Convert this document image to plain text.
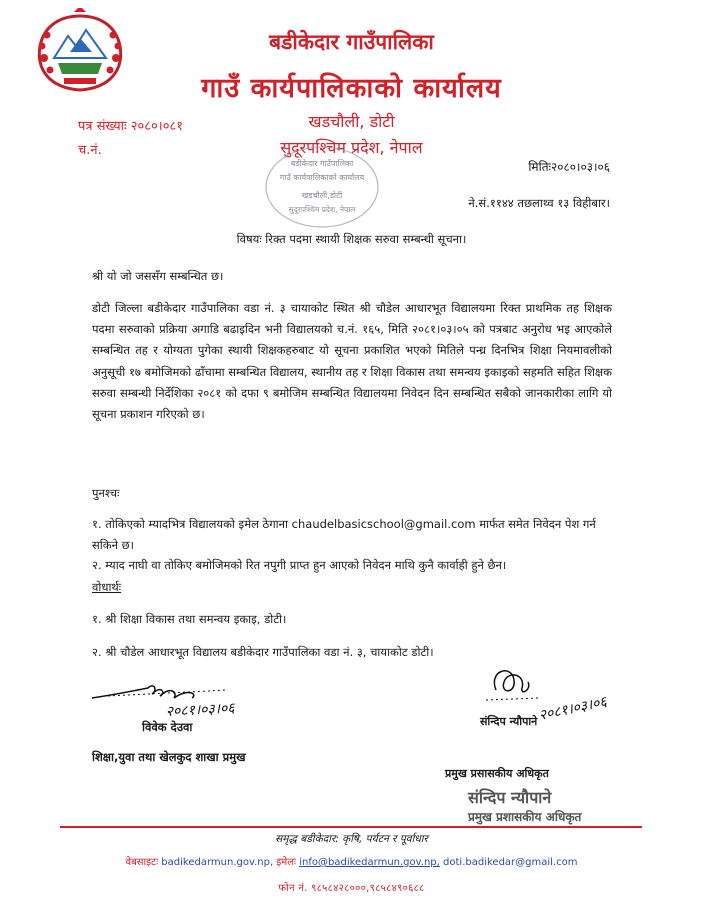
बडीकेदार गाउँपालिका
गाउँ कार्यपालिकाको कार्यालय
खडचौली, डोटी
सुदूरपश्चिम प्रदेश, नेपाल
पत्र संख्याः २०८०।०८१
च.नं.
बडीकेदार गाउँपालिका
गाउँ कार्यपालिकाको कार्यालय
खडचौली,डोटी
सुदूरपश्चिम प्रदेश, नेपाल
मितिः२०८०।०३।०६
ने.सं.११४४ तछलाथ्व १३ विहीबार।
विषयः रिक्त पदमा स्थायी शिक्षक सरुवा सम्बन्धी सूचना।
श्री यो जो जससँग सम्बन्धित छ।
डोटी जिल्ला बडीकेदार गाउँपालिका वडा नं. ३ चायाकोट स्थित श्री चौडेल आधारभूत विद्यालयमा रिक्त प्राथमिक तह शिक्षक पदमा सरुवाको प्रक्रिया अगाडि बढाइदिन भनी विद्यालयको च.नं. १६५, मिति २०८१।०३।०५ को पत्रबाट अनुरोध भइ आएकोले सम्बन्धित तह र योग्यता पुगेका स्थायी शिक्षकहरुबाट यो सूचना प्रकाशित भएको मितिले पन्ध्र दिनभित्र शिक्षा नियमावलीको अनुसूची १७ बमोजिमको ढाँचामा सम्बन्धित विद्यालय, स्थानीय तह र शिक्षा विकास तथा समन्वय इकाइको सहमति सहित शिक्षक सरुवा सम्बन्धी निर्देशिका २०८१ को दफा ९ बमोजिम सम्बन्धित विद्यालयमा निवेदन दिन सम्बन्धित सबैको जानकारीका लागि यो सूचना प्रकाशन गरिएको छ।
पुनश्चः
१. तोकिएको म्यादभित्र विद्यालयको इमेल ठेगाना chaudelbasicschool@gmail.com मार्फत समेत निवेदन पेश गर्न सकिने छ।
२. म्याद नाघी वा तोकिए बमोजिमको रित नपुगी प्राप्त हुन आएको निवेदन माथि कुनै कार्वाही हुने छैन।
वोधार्थः
१. श्री शिक्षा विकास तथा समन्वय इकाइ, डोटी।
२. श्री चौडेल आधारभूत विद्यालय बडीकेदार गाउँपालिका वडा नं. ३, चायाकोट डोटी।
२०८१।०३।०६
विवेक देउवा
शिक्षा,युवा तथा खेलकुद शाखा प्रमुख
२०८१।०३।०६
संन्दिप न्यौपाने
प्रमुख प्रसासकीय अधिकृत
संन्दिप न्यौपाने
प्रमुख प्रशासकीय अधिकृत
समृद्ध बडीकेदार: कृषि, पर्यटन र पूर्वाधार
वेबसाइटः badikedarmun.gov.np, इमेलः info@badikedarmun.gov.np, doti.badikedar@gmail.com
फोन नं. ९८५८४२८०००,९८५८४९०६८८
